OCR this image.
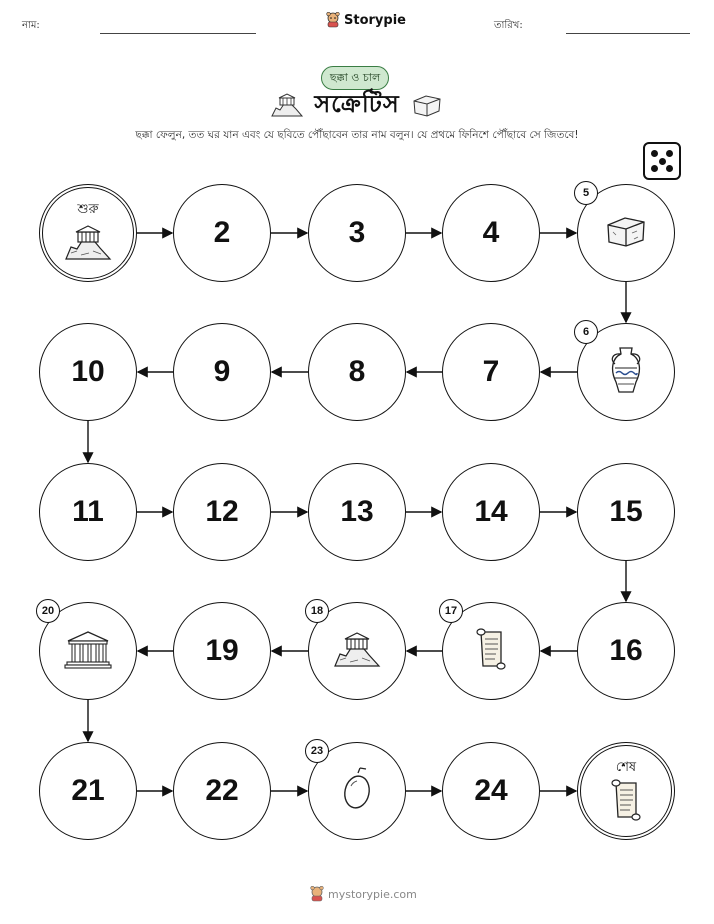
নাম:	Storypie	তারিখ:
ছক্কা ও চাল
সক্রেটিস
ছক্কা ফেলুন, তত ঘর যান এবং যে ছবিতে পৌঁছাবেন তার নাম বলুন। যে প্রথমে ফিনিশে পৌঁছাবে সে জিতবে!
শুরু
2	3	4
5
6
7
8
9
10
11	12	13	14	15
16
17
18
19
20
21	22
23
24
শেষ
mystorypie.com
